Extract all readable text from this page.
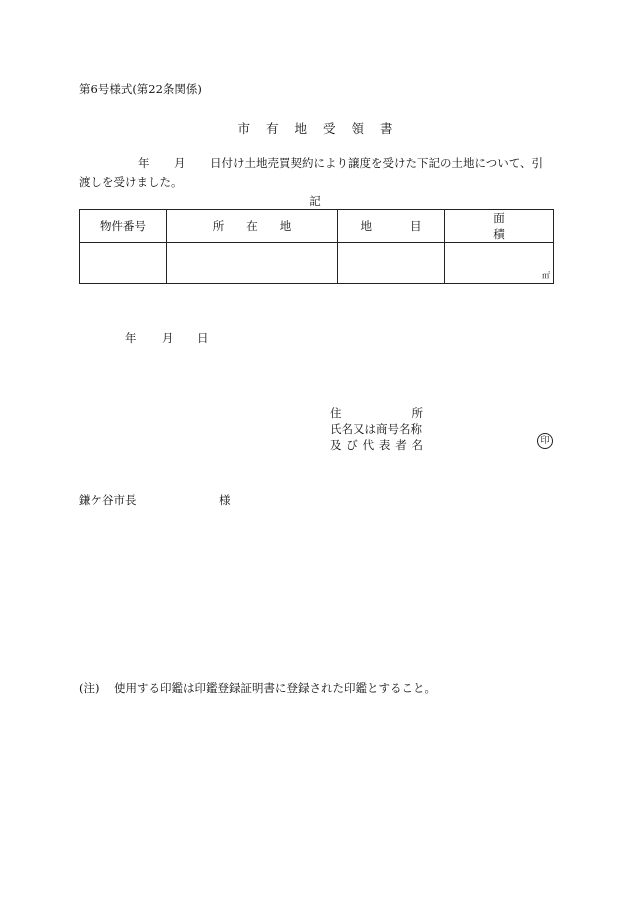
第6号様式(第22条関係)
市 有 地 受 領 書
年 月 日付け土地売買契約により譲度を受けた下記の土地について、引
渡しを受けました。
記
物件番号	所 在 地	地 目	面積

			㎡
年 月 日
住	所
氏名又は商号名称
及 び 代 表 者 名	印
鎌ケ谷市長	様
(注) 使用する印鑑は印鑑登録証明書に登録された印鑑とすること。
